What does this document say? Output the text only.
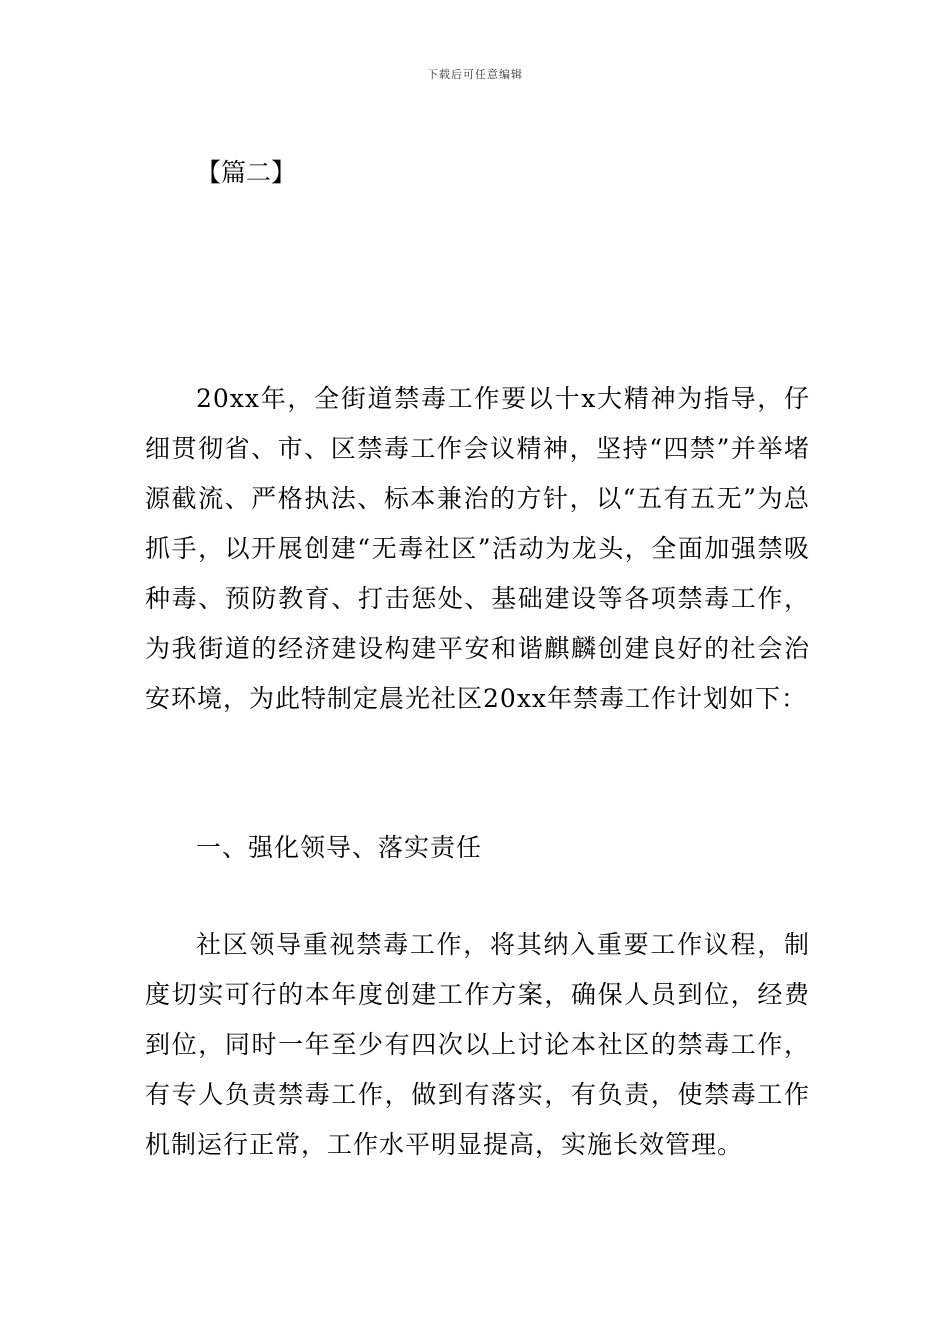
下载后可任意编辑
【篇二】

20xx年，全街道禁毒工作要以十x大精神为指导，仔细贯彻省、市、区禁毒工作会议精神，坚持“四禁”并举堵源截流、严格执法、标本兼治的方针，以“五有五无”为总抓手，以开展创建“无毒社区”活动为龙头，全面加强禁吸种毒、预防教育、打击惩处、基础建设等各项禁毒工作，为我街道的经济建设构建平安和谐麒麟创建良好的社会治安环境，为此特制定晨光社区20xx年禁毒工作计划如下：

一、强化领导、落实责任

社区领导重视禁毒工作，将其纳入重要工作议程，制度切实可行的本年度创建工作方案，确保人员到位，经费到位，同时一年至少有四次以上讨论本社区的禁毒工作，有专人负责禁毒工作，做到有落实，有负责，使禁毒工作机制运行正常，工作水平明显提高，实施长效管理。
